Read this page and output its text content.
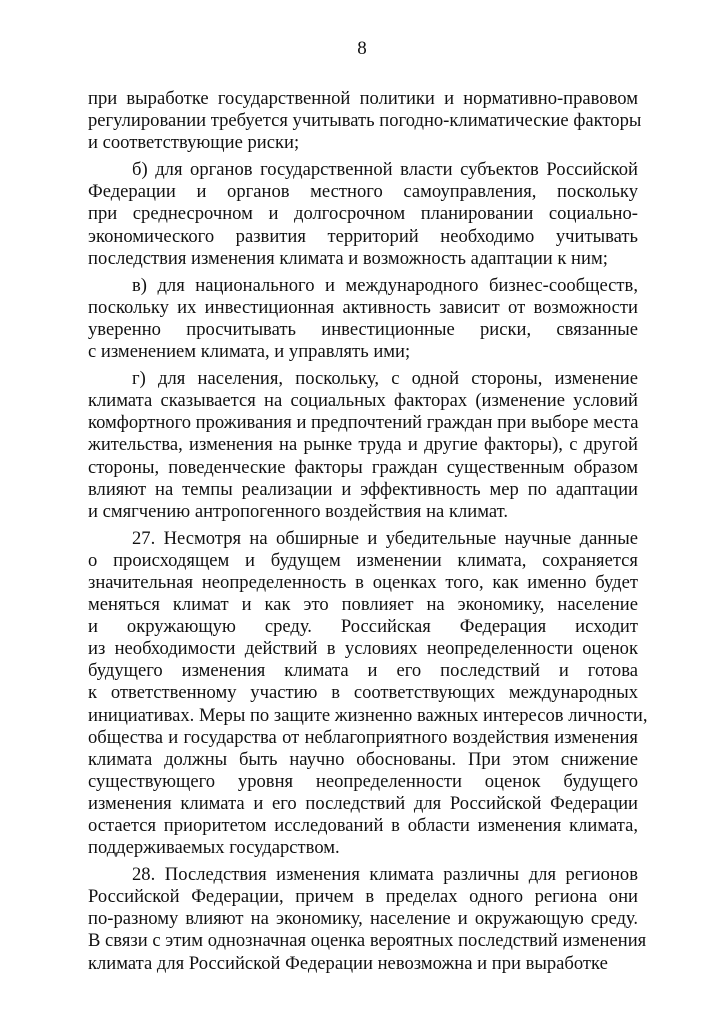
8
при выработке государственной политики и нормативно-правовом
регулировании требуется учитывать погодно-климатические факторы
и соответствующие риски;
б) для органов государственной власти субъектов Российской
Федерации и органов местного самоуправления, поскольку
при среднесрочном и долгосрочном планировании социально-
экономического развития территорий необходимо учитывать
последствия изменения климата и возможность адаптации к ним;
в) для национального и международного бизнес-сообществ,
поскольку их инвестиционная активность зависит от возможности
уверенно просчитывать инвестиционные риски, связанные
с изменением климата, и управлять ими;
г) для населения, поскольку, с одной стороны, изменение
климата сказывается на социальных факторах (изменение условий
комфортного проживания и предпочтений граждан при выборе места
жительства, изменения на рынке труда и другие факторы), с другой
стороны, поведенческие факторы граждан существенным образом
влияют на темпы реализации и эффективность мер по адаптации
и смягчению антропогенного воздействия на климат.
27. Несмотря на обширные и убедительные научные данные
о происходящем и будущем изменении климата, сохраняется
значительная неопределенность в оценках того, как именно будет
меняться климат и как это повлияет на экономику, население
и окружающую среду. Российская Федерация исходит
из необходимости действий в условиях неопределенности оценок
будущего изменения климата и его последствий и готова
к ответственному участию в соответствующих международных
инициативах. Меры по защите жизненно важных интересов личности,
общества и государства от неблагоприятного воздействия изменения
климата должны быть научно обоснованы. При этом снижение
существующего уровня неопределенности оценок будущего
изменения климата и его последствий для Российской Федерации
остается приоритетом исследований в области изменения климата,
поддерживаемых государством.
28. Последствия изменения климата различны для регионов
Российской Федерации, причем в пределах одного региона они
по-разному влияют на экономику, население и окружающую среду.
В связи с этим однозначная оценка вероятных последствий изменения
климата для Российской Федерации невозможна и при выработке
